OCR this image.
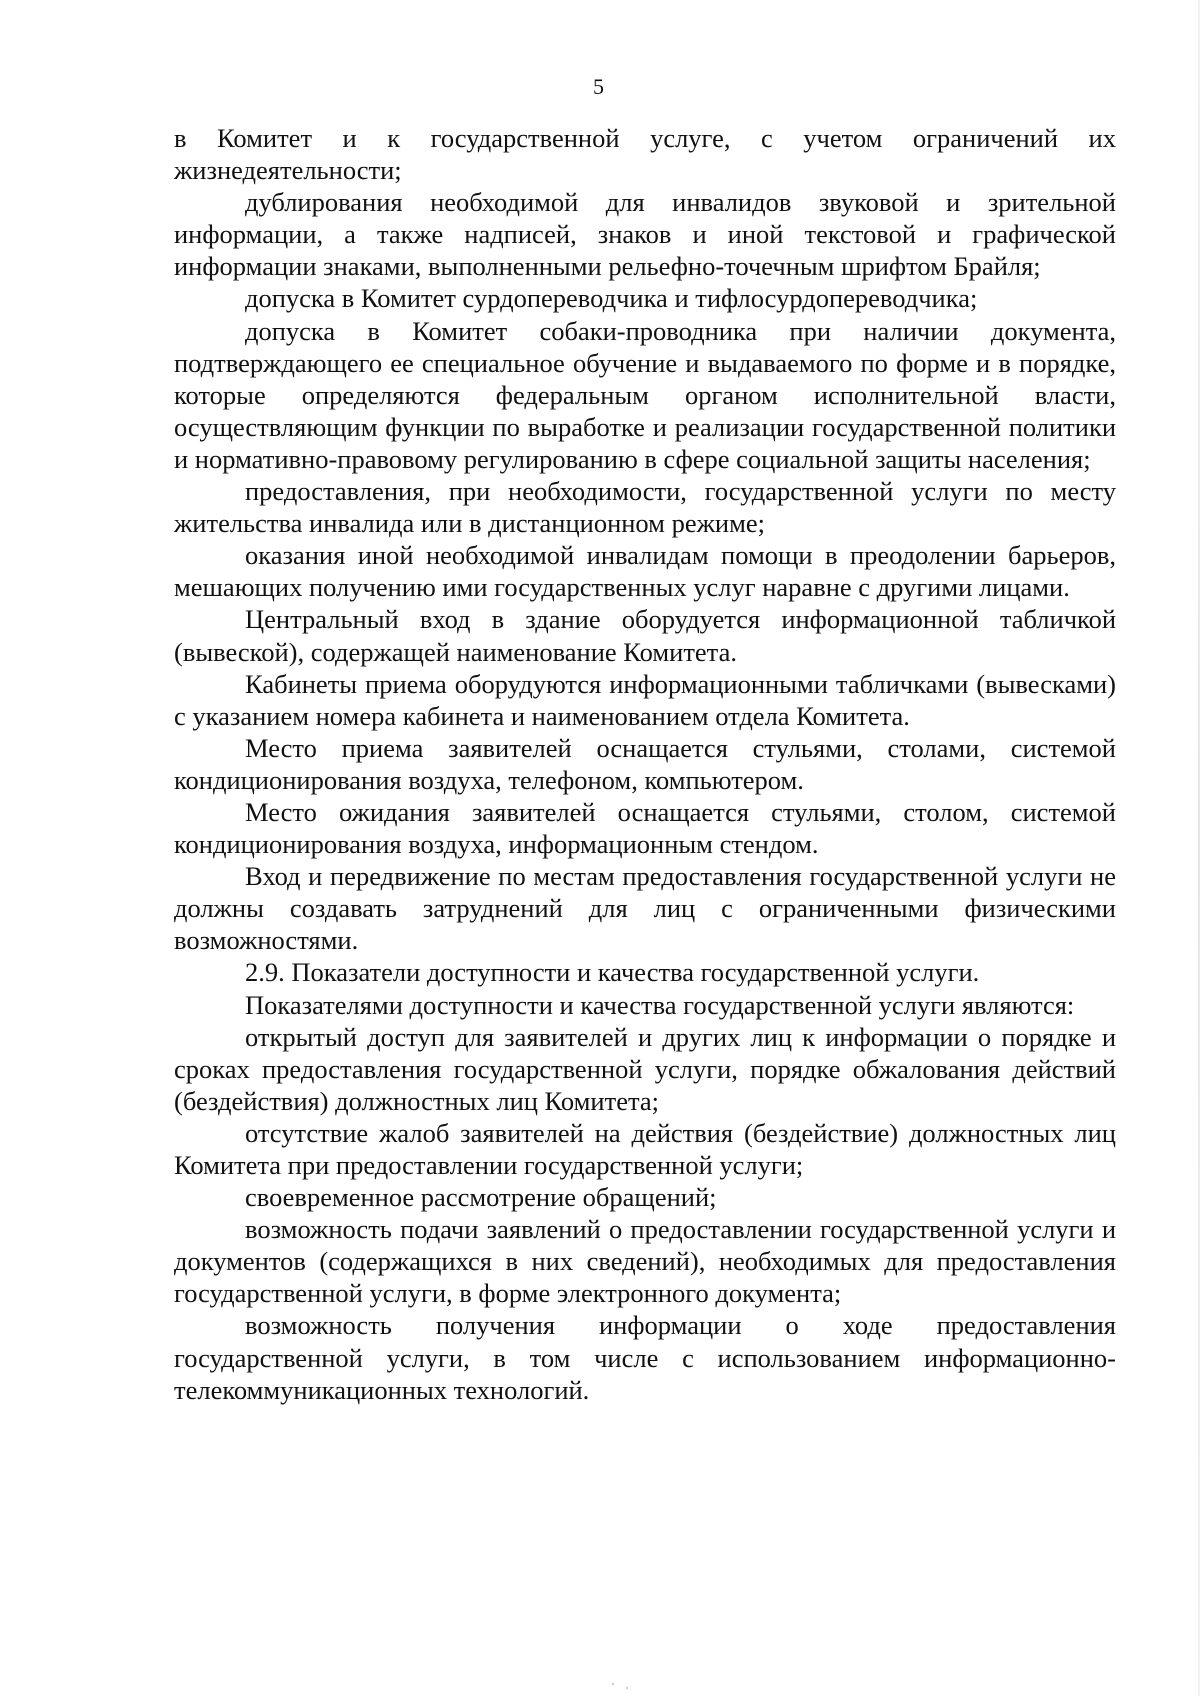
5

в Комитет и к государственной услуге, с учетом ограничений их жизнедеятельности;

дублирования необходимой для инвалидов звуковой и зрительной информации, а также надписей, знаков и иной текстовой и графической информации знаками, выполненными рельефно-точечным шрифтом Брайля;

допуска в Комитет сурдопереводчика и тифлосурдопереводчика;

допуска в Комитет собаки-проводника при наличии документа, подтверждающего ее специальное обучение и выдаваемого по форме и в порядке, которые определяются федеральным органом исполнительной власти, осуществляющим функции по выработке и реализации государственной политики и нормативно-правовому регулированию в сфере социальной защиты населения;

предоставления, при необходимости, государственной услуги по месту жительства инвалида или в дистанционном режиме;

оказания иной необходимой инвалидам помощи в преодолении барьеров, мешающих получению ими государственных услуг наравне с другими лицами.

Центральный вход в здание оборудуется информационной табличкой (вывеской), содержащей наименование Комитета.

Кабинеты приема оборудуются информационными табличками (вывесками) с указанием номера кабинета и наименованием отдела Комитета.

Место приема заявителей оснащается стульями, столами, системой кондиционирования воздуха, телефоном, компьютером.

Место ожидания заявителей оснащается стульями, столом, системой кондиционирования воздуха, информационным стендом.

Вход и передвижение по местам предоставления государственной услуги не должны создавать затруднений для лиц с ограниченными физическими возможностями.

2.9. Показатели доступности и качества государственной услуги.

Показателями доступности и качества государственной услуги являются:

открытый доступ для заявителей и других лиц к информации о порядке и сроках предоставления государственной услуги, порядке обжалования действий (бездействия) должностных лиц Комитета;

отсутствие жалоб заявителей на действия (бездействие) должностных лиц Комитета при предоставлении государственной услуги;

своевременное рассмотрение обращений;

возможность подачи заявлений о предоставлении государственной услуги и документов (содержащихся в них сведений), необходимых для предоставления государственной услуги, в форме электронного документа;

возможность получения информации о ходе предоставления государственной услуги, в том числе с использованием информационно-телекоммуникационных технологий.
